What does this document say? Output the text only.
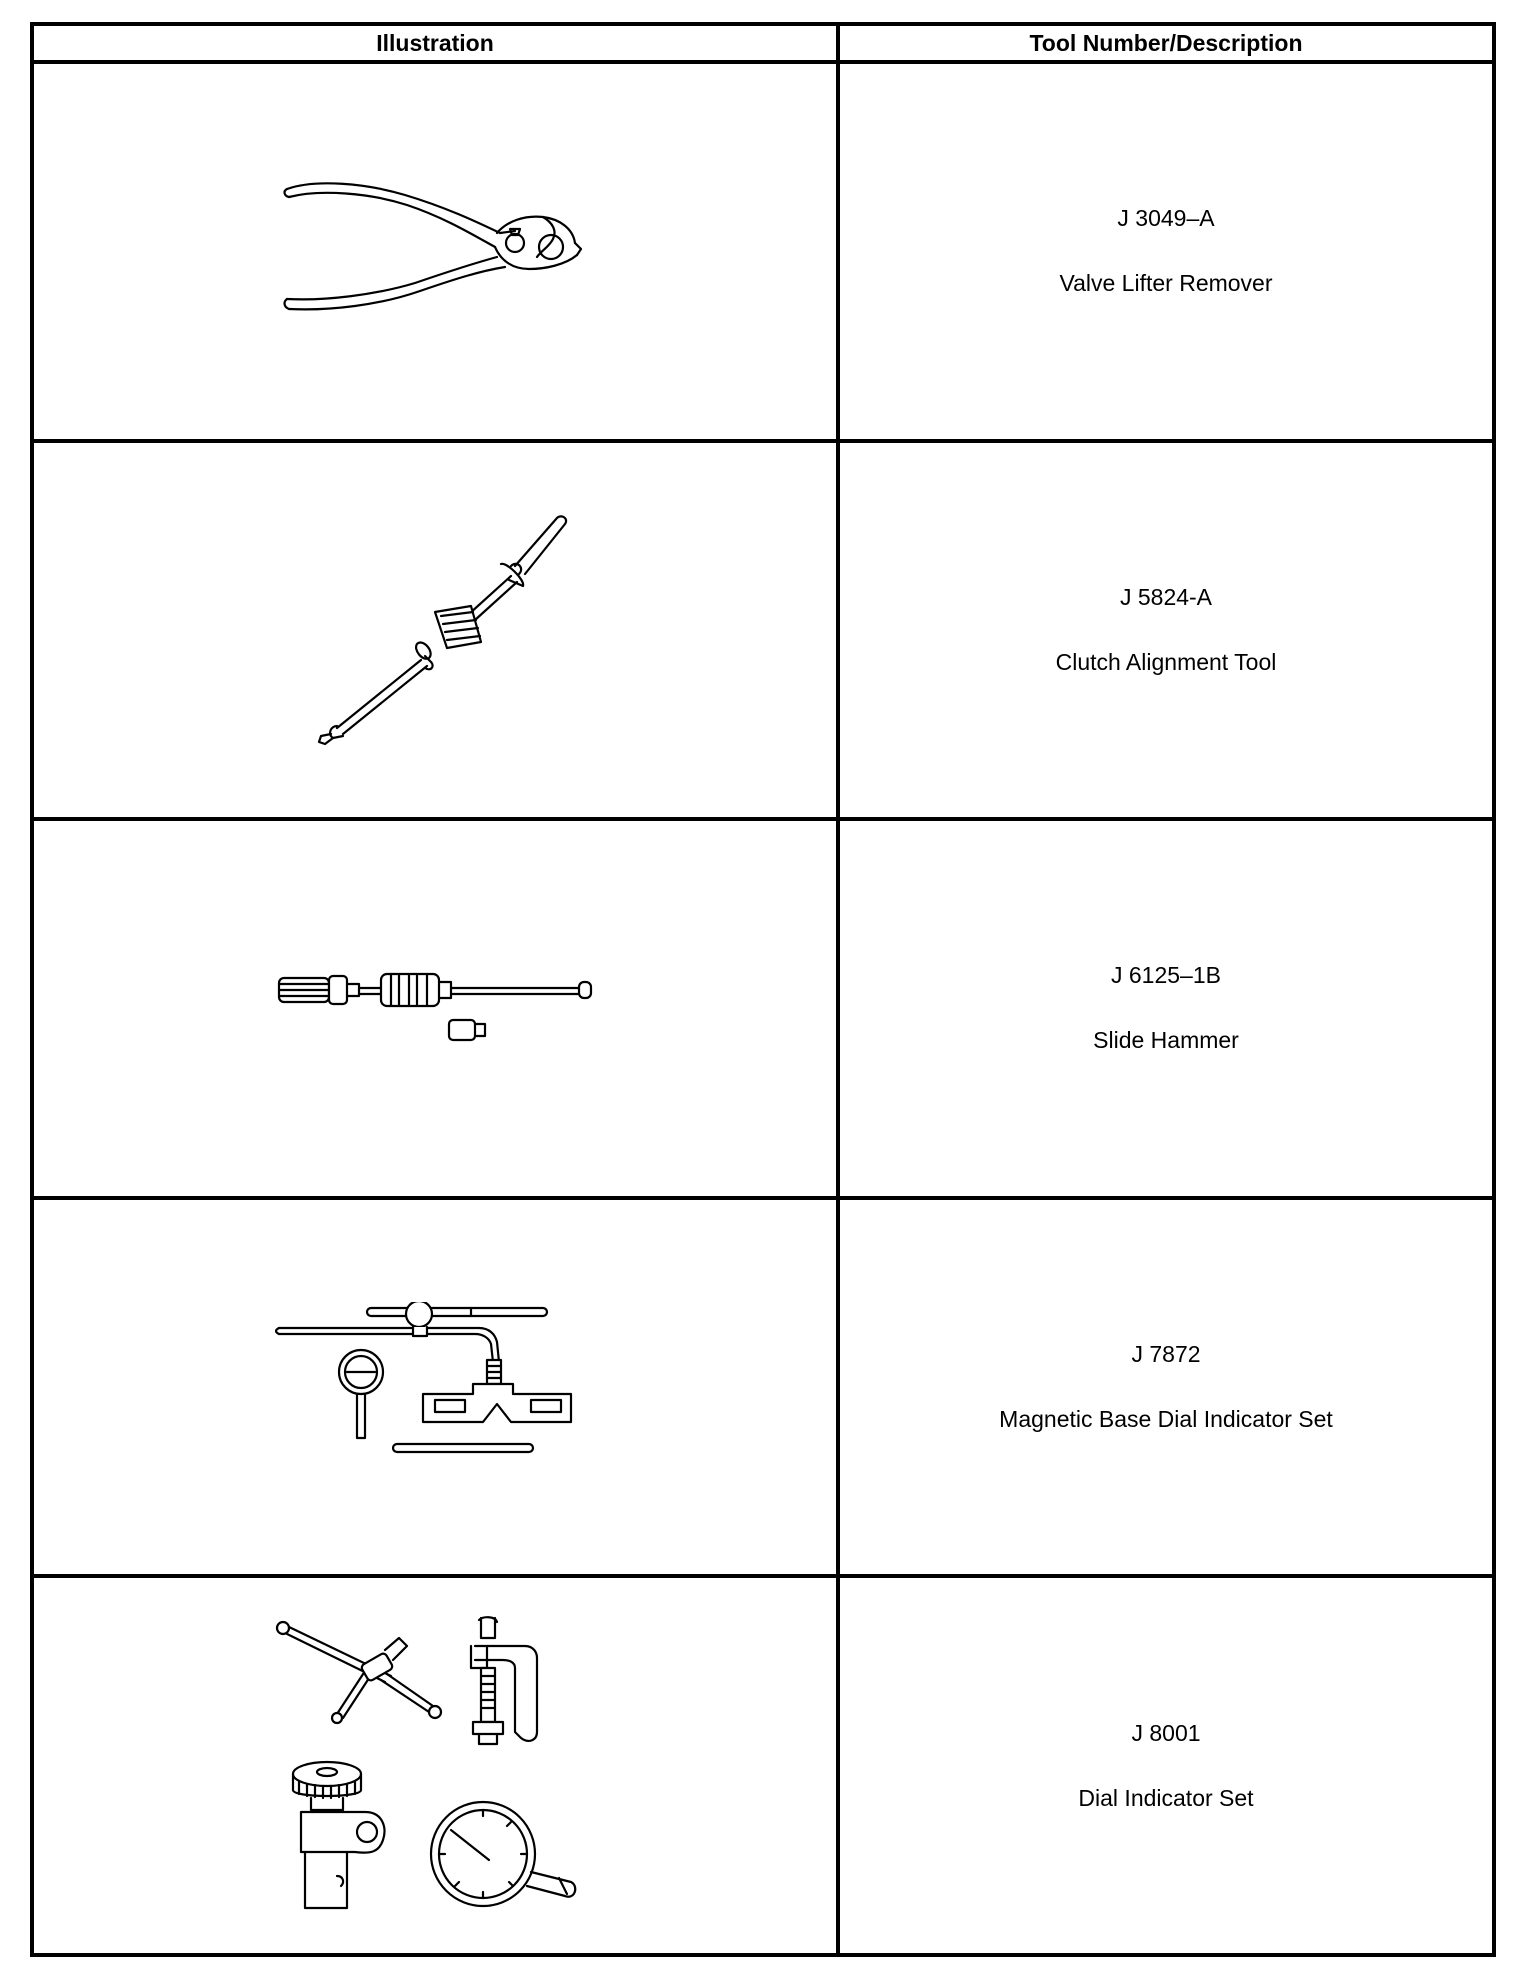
Illustration	Tool Number/Description

J 3049–A
Valve Lifter Remover

J 5824-A
Clutch Alignment Tool

J 6125–1B
Slide Hammer

J 7872
Magnetic Base Dial Indicator Set

J 8001
Dial Indicator Set
